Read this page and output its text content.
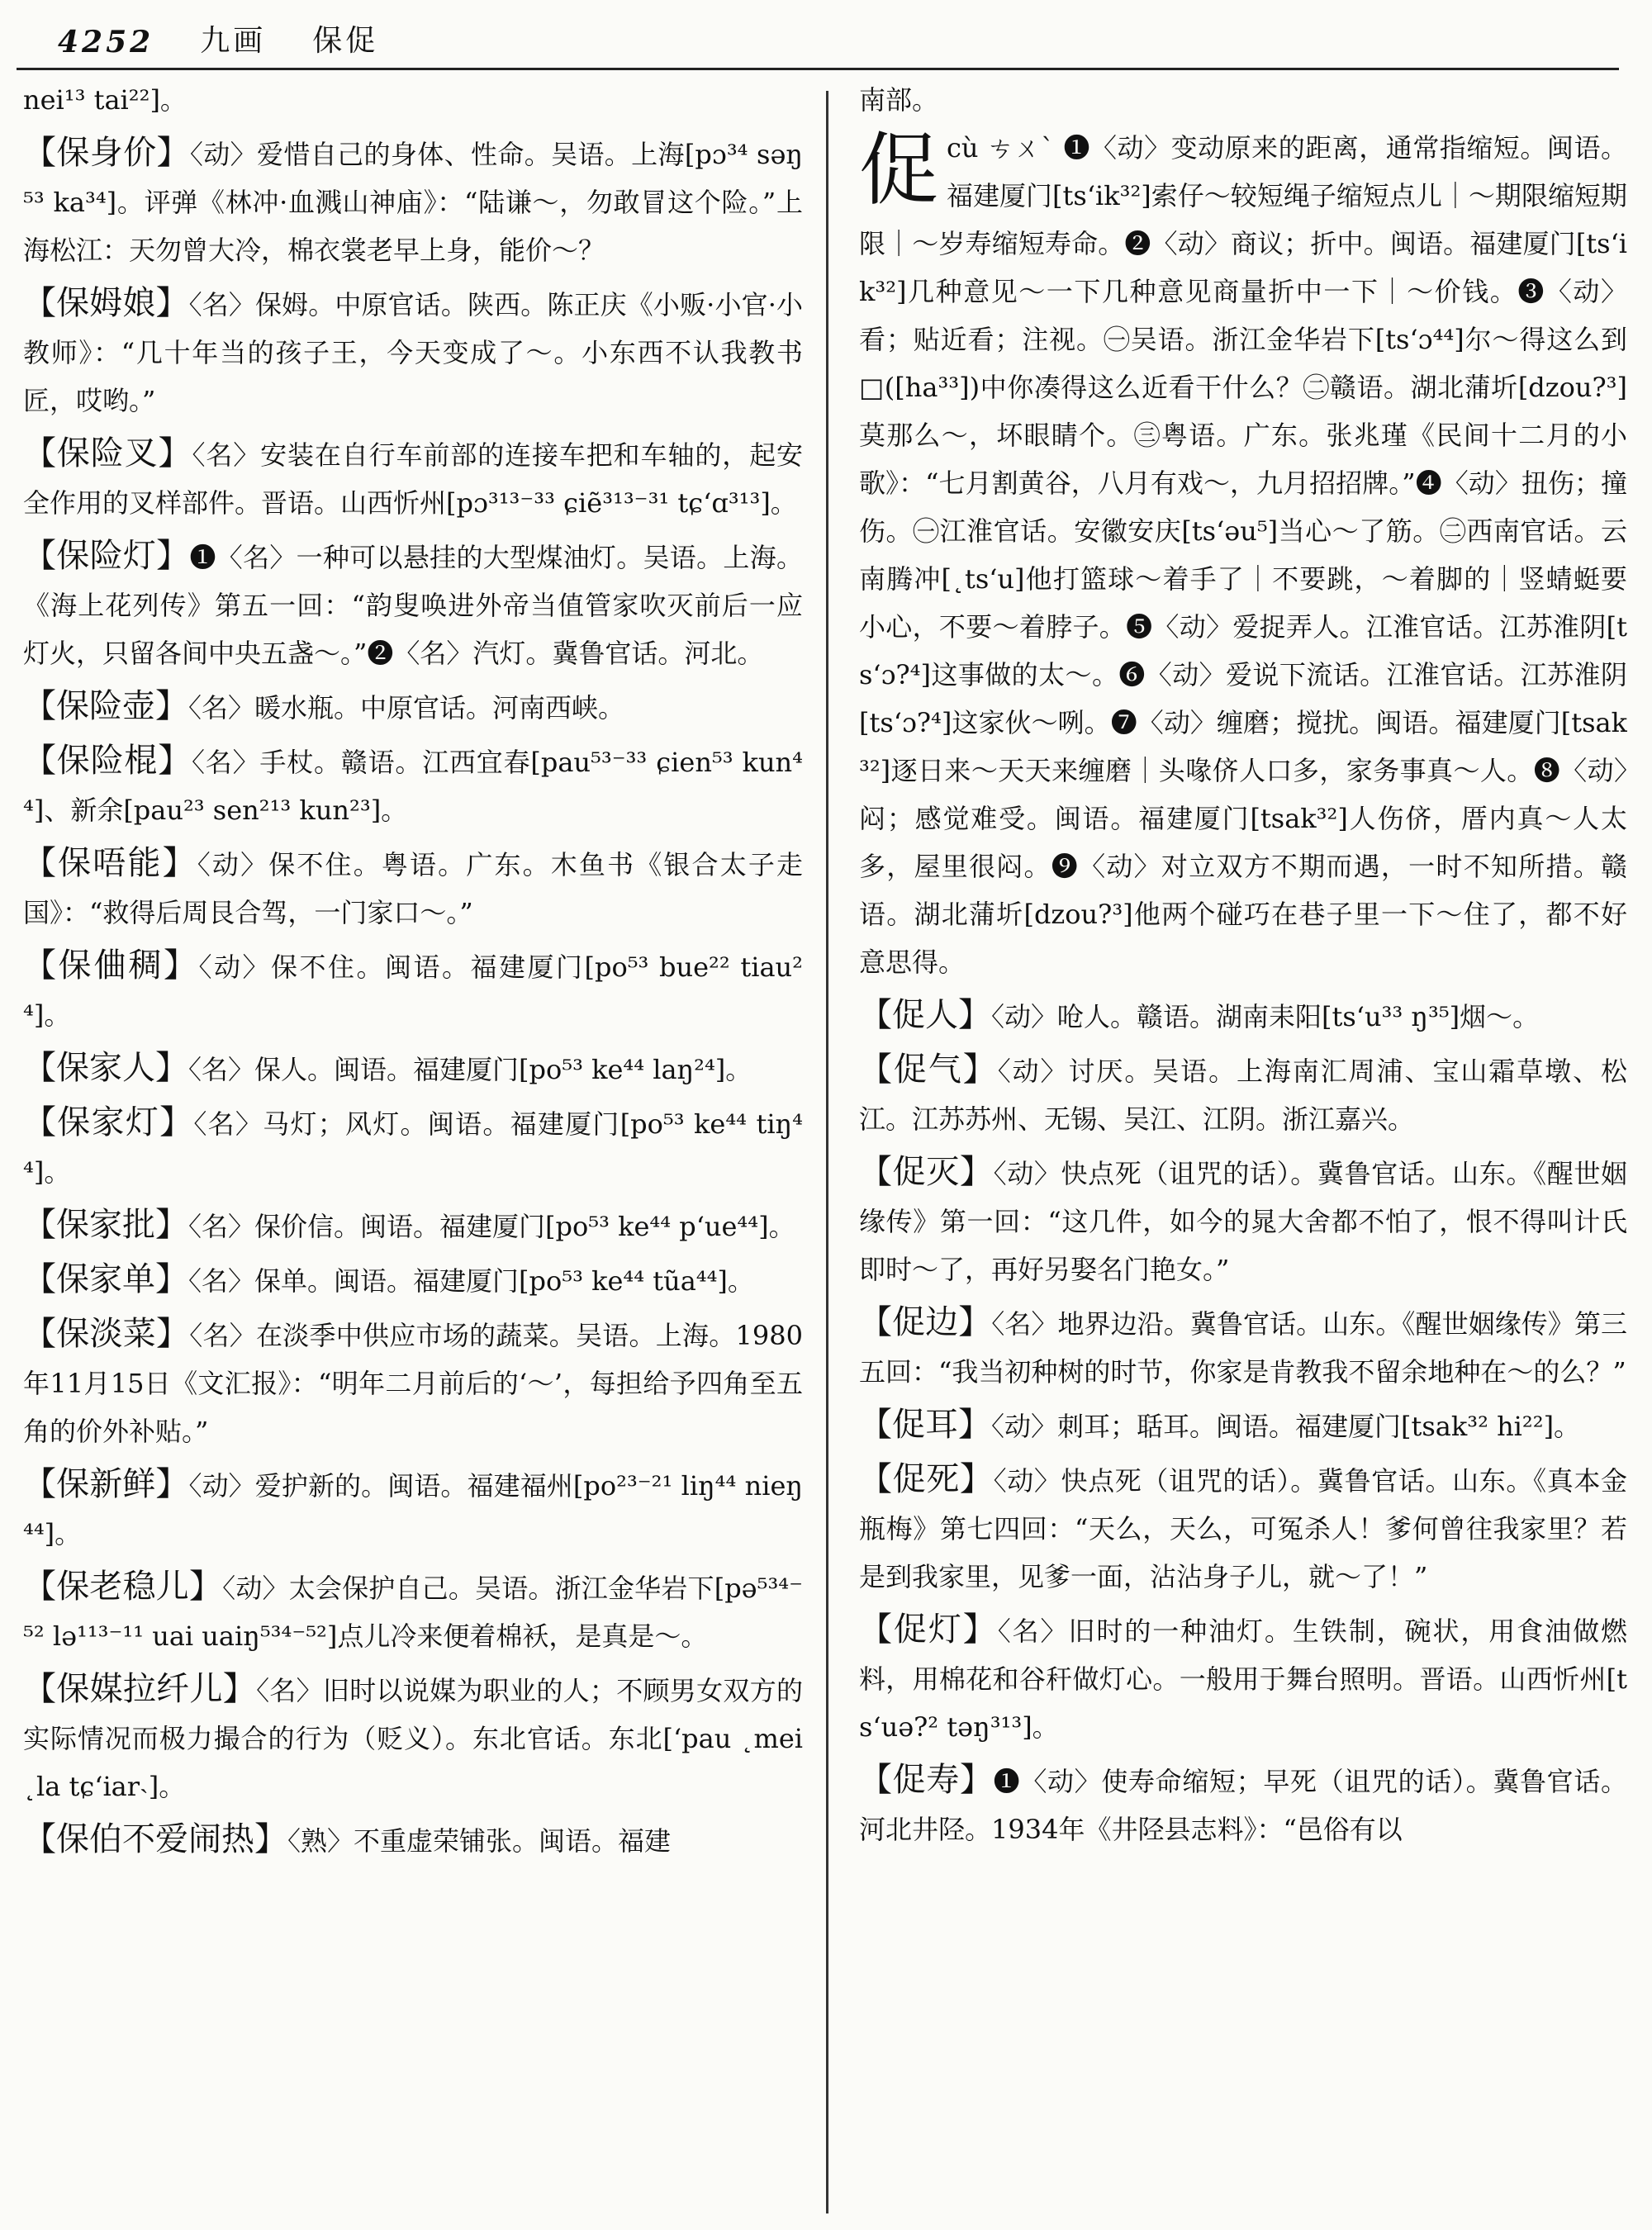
4252 九画 保促

nei¹³ tai²²]。

【保身价】〈动〉爱惜自己的身体、性命。吴语。上海[pɔ³⁴ səŋ⁵³ ka³⁴]。评弹《林冲·血溅山神庙》：“陆谦～，勿敢冒这个险。”上海松江：天勿曾大冷，棉衣裳老早上身，能价～？

【保姆娘】〈名〉保姆。中原官话。陕西。陈正庆《小贩·小官·小教师》：“几十年当的孩子王，今天变成了～。小东西不认我教书匠，哎哟。”

【保险叉】〈名〉安装在自行车前部的连接车把和车轴的，起安全作用的叉样部件。晋语。山西忻州[pɔ³¹³⁻³³ ɕiẽ³¹³⁻³¹ tɕ‘ɑ³¹³]。

【保险灯】❶〈名〉一种可以悬挂的大型煤油灯。吴语。上海。《海上花列传》第五一回：“韵叟唤进外帝当值管家吹灭前后一应灯火，只留各间中央五盏～。”❷〈名〉汽灯。冀鲁官话。河北。

【保险壶】〈名〉暖水瓶。中原官话。河南西峡。

【保险棍】〈名〉手杖。赣语。江西宜春[pau⁵³⁻³³ ɕien⁵³ kun⁴⁴]、新余[pau²³ sen²¹³ kun²³]。

【保唔能】〈动〉保不住。粤语。广东。木鱼书《银合太子走国》：“救得后周艮合驾，一门家口～。”

【保㑋稠】〈动〉保不住。闽语。福建厦门[po⁵³ bue²² tiau²⁴]。

【保家人】〈名〉保人。闽语。福建厦门[po⁵³ ke⁴⁴ laŋ²⁴]。

【保家灯】〈名〉马灯；风灯。闽语。福建厦门[po⁵³ ke⁴⁴ tiŋ⁴⁴]。

【保家批】〈名〉保价信。闽语。福建厦门[po⁵³ ke⁴⁴ p‘ue⁴⁴]。

【保家单】〈名〉保单。闽语。福建厦门[po⁵³ ke⁴⁴ tũa⁴⁴]。

【保淡菜】〈名〉在淡季中供应市场的蔬菜。吴语。上海。1980年11月15日《文汇报》：“明年二月前后的‘～’，每担给予四角至五角的价外补贴。”

【保新鲜】〈动〉爱护新的。闽语。福建福州[po²³⁻²¹ liŋ⁴⁴ nieŋ⁴⁴]。

【保老稳儿】〈动〉太会保护自己。吴语。浙江金华岩下[pə⁵³⁴⁻⁵² lə¹¹³⁻¹¹ uai uaiŋ⁵³⁴⁻⁵²]点儿冷来便着棉袄，是真是～。

【保媒拉纤儿】〈名〉旧时以说媒为职业的人；不顾男女双方的实际情况而极力撮合的行为（贬义）。东北官话。东北[‘pau ˛mei ˛la tɕ‘iar˴]。

【保伯不爱闹热】〈熟〉不重虚荣铺张。闽语。福建

南部。

促 cù ㄘㄨˋ ❶〈动〉变动原来的距离，通常指缩短。闽语。福建厦门[ts‘ik³²]索仔～较短绳子缩短点儿｜～期限缩短期限｜～岁寿缩短寿命。❷〈动〉商议；折中。闽语。福建厦门[ts‘ik³²]几种意见～一下几种意见商量折中一下｜～价钱。❸〈动〉看；贴近看；注视。㊀吴语。浙江金华岩下[ts‘ɔ⁴⁴]尔～得这么到□([ha³³])中你凑得这么近看干什么？㊁赣语。湖北蒲圻[dzou?³]莫那么～，坏眼睛个。㊂粤语。广东。张兆瑾《民间十二月的小歌》：“七月割黄谷，八月有戏～，九月招招牌。”❹〈动〉扭伤；撞伤。㊀江淮官话。安徽安庆[ts‘əu⁵]当心～了筋。㊁西南官话。云南腾冲[˛ts‘u]他打篮球～着手了｜不要跳，～着脚的｜竖蜻蜓要小心，不要～着脖子。❺〈动〉爱捉弄人。江淮官话。江苏淮阴[ts‘ɔ?⁴]这事做的太～。❻〈动〉爱说下流话。江淮官话。江苏淮阴[ts‘ɔ?⁴]这家伙～咧。❼〈动〉缠磨；搅扰。闽语。福建厦门[tsak³²]逐日来～天天来缠磨｜头喙侪人口多，家务事真～人。❽〈动〉闷；感觉难受。闽语。福建厦门[tsak³²]人伤侪，厝内真～人太多，屋里很闷。❾〈动〉对立双方不期而遇，一时不知所措。赣语。湖北蒲圻[dzou?³]他两个碰巧在巷子里一下～住了，都不好意思得。

【促人】〈动〉呛人。赣语。湖南耒阳[ts‘u³³ ŋ³⁵]烟～。

【促气】〈动〉讨厌。吴语。上海南汇周浦、宝山霜草墩、松江。江苏苏州、无锡、吴江、江阴。浙江嘉兴。

【促灭】〈动〉快点死（诅咒的话）。冀鲁官话。山东。《醒世姻缘传》第一回：“这几件，如今的晁大舍都不怕了，恨不得叫计氏即时～了，再好另娶名门艳女。”

【促边】〈名〉地界边沿。冀鲁官话。山东。《醒世姻缘传》第三五回：“我当初种树的时节，你家是肯教我不留余地种在～的么？”

【促耳】〈动〉刺耳；聒耳。闽语。福建厦门[tsak³² hi²²]。

【促死】〈动〉快点死（诅咒的话）。冀鲁官话。山东。《真本金瓶梅》第七四回：“天么，天么，可冤杀人！爹何曾往我家里？若是到我家里，见爹一面，沾沾身子儿，就～了！”

【促灯】〈名〉旧时的一种油灯。生铁制，碗状，用食油做燃料，用棉花和谷秆做灯心。一般用于舞台照明。晋语。山西忻州[ts‘uə?² təŋ³¹³]。

【促寿】❶〈动〉使寿命缩短；早死（诅咒的话）。冀鲁官话。河北井陉。1934年《井陉县志料》：“邑俗有以
